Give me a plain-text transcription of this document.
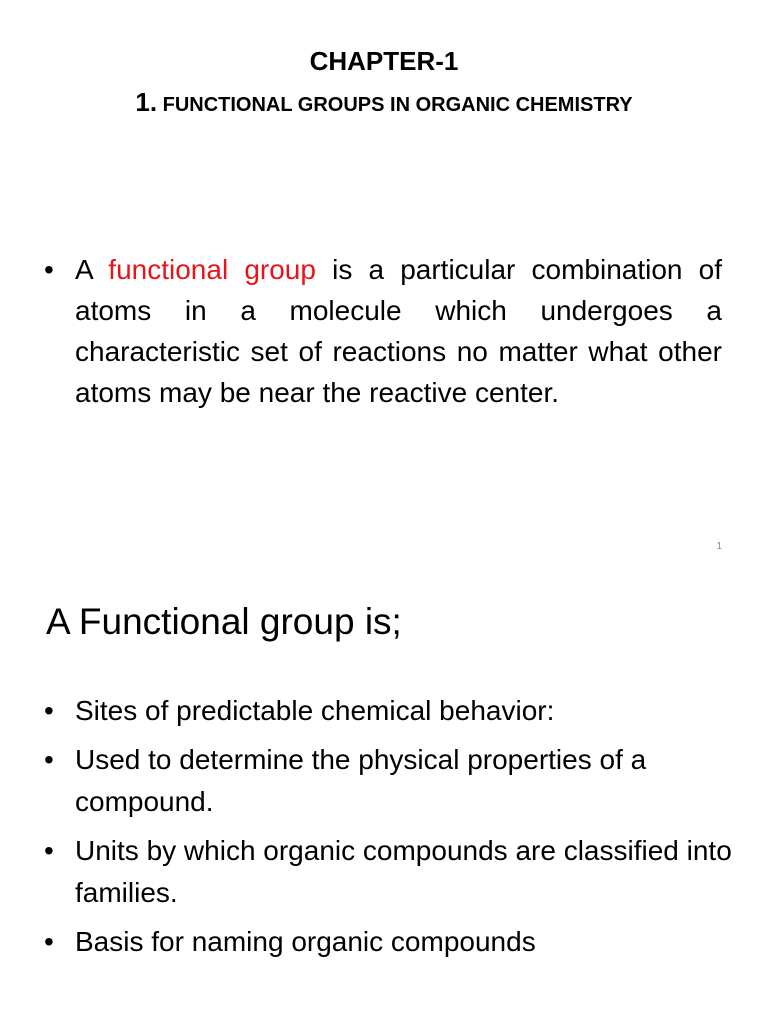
CHAPTER-1
1. FUNCTIONAL GROUPS IN ORGANIC CHEMISTRY
• A functional group is a particular combination of atoms in a molecule which undergoes a characteristic set of reactions no matter what other atoms may be near the reactive center.
1
A Functional group is;
• Sites of predictable chemical behavior:
• Used to determine the physical properties of a compound.
• Units by which organic compounds are classified into families.
• Basis for naming organic compounds
